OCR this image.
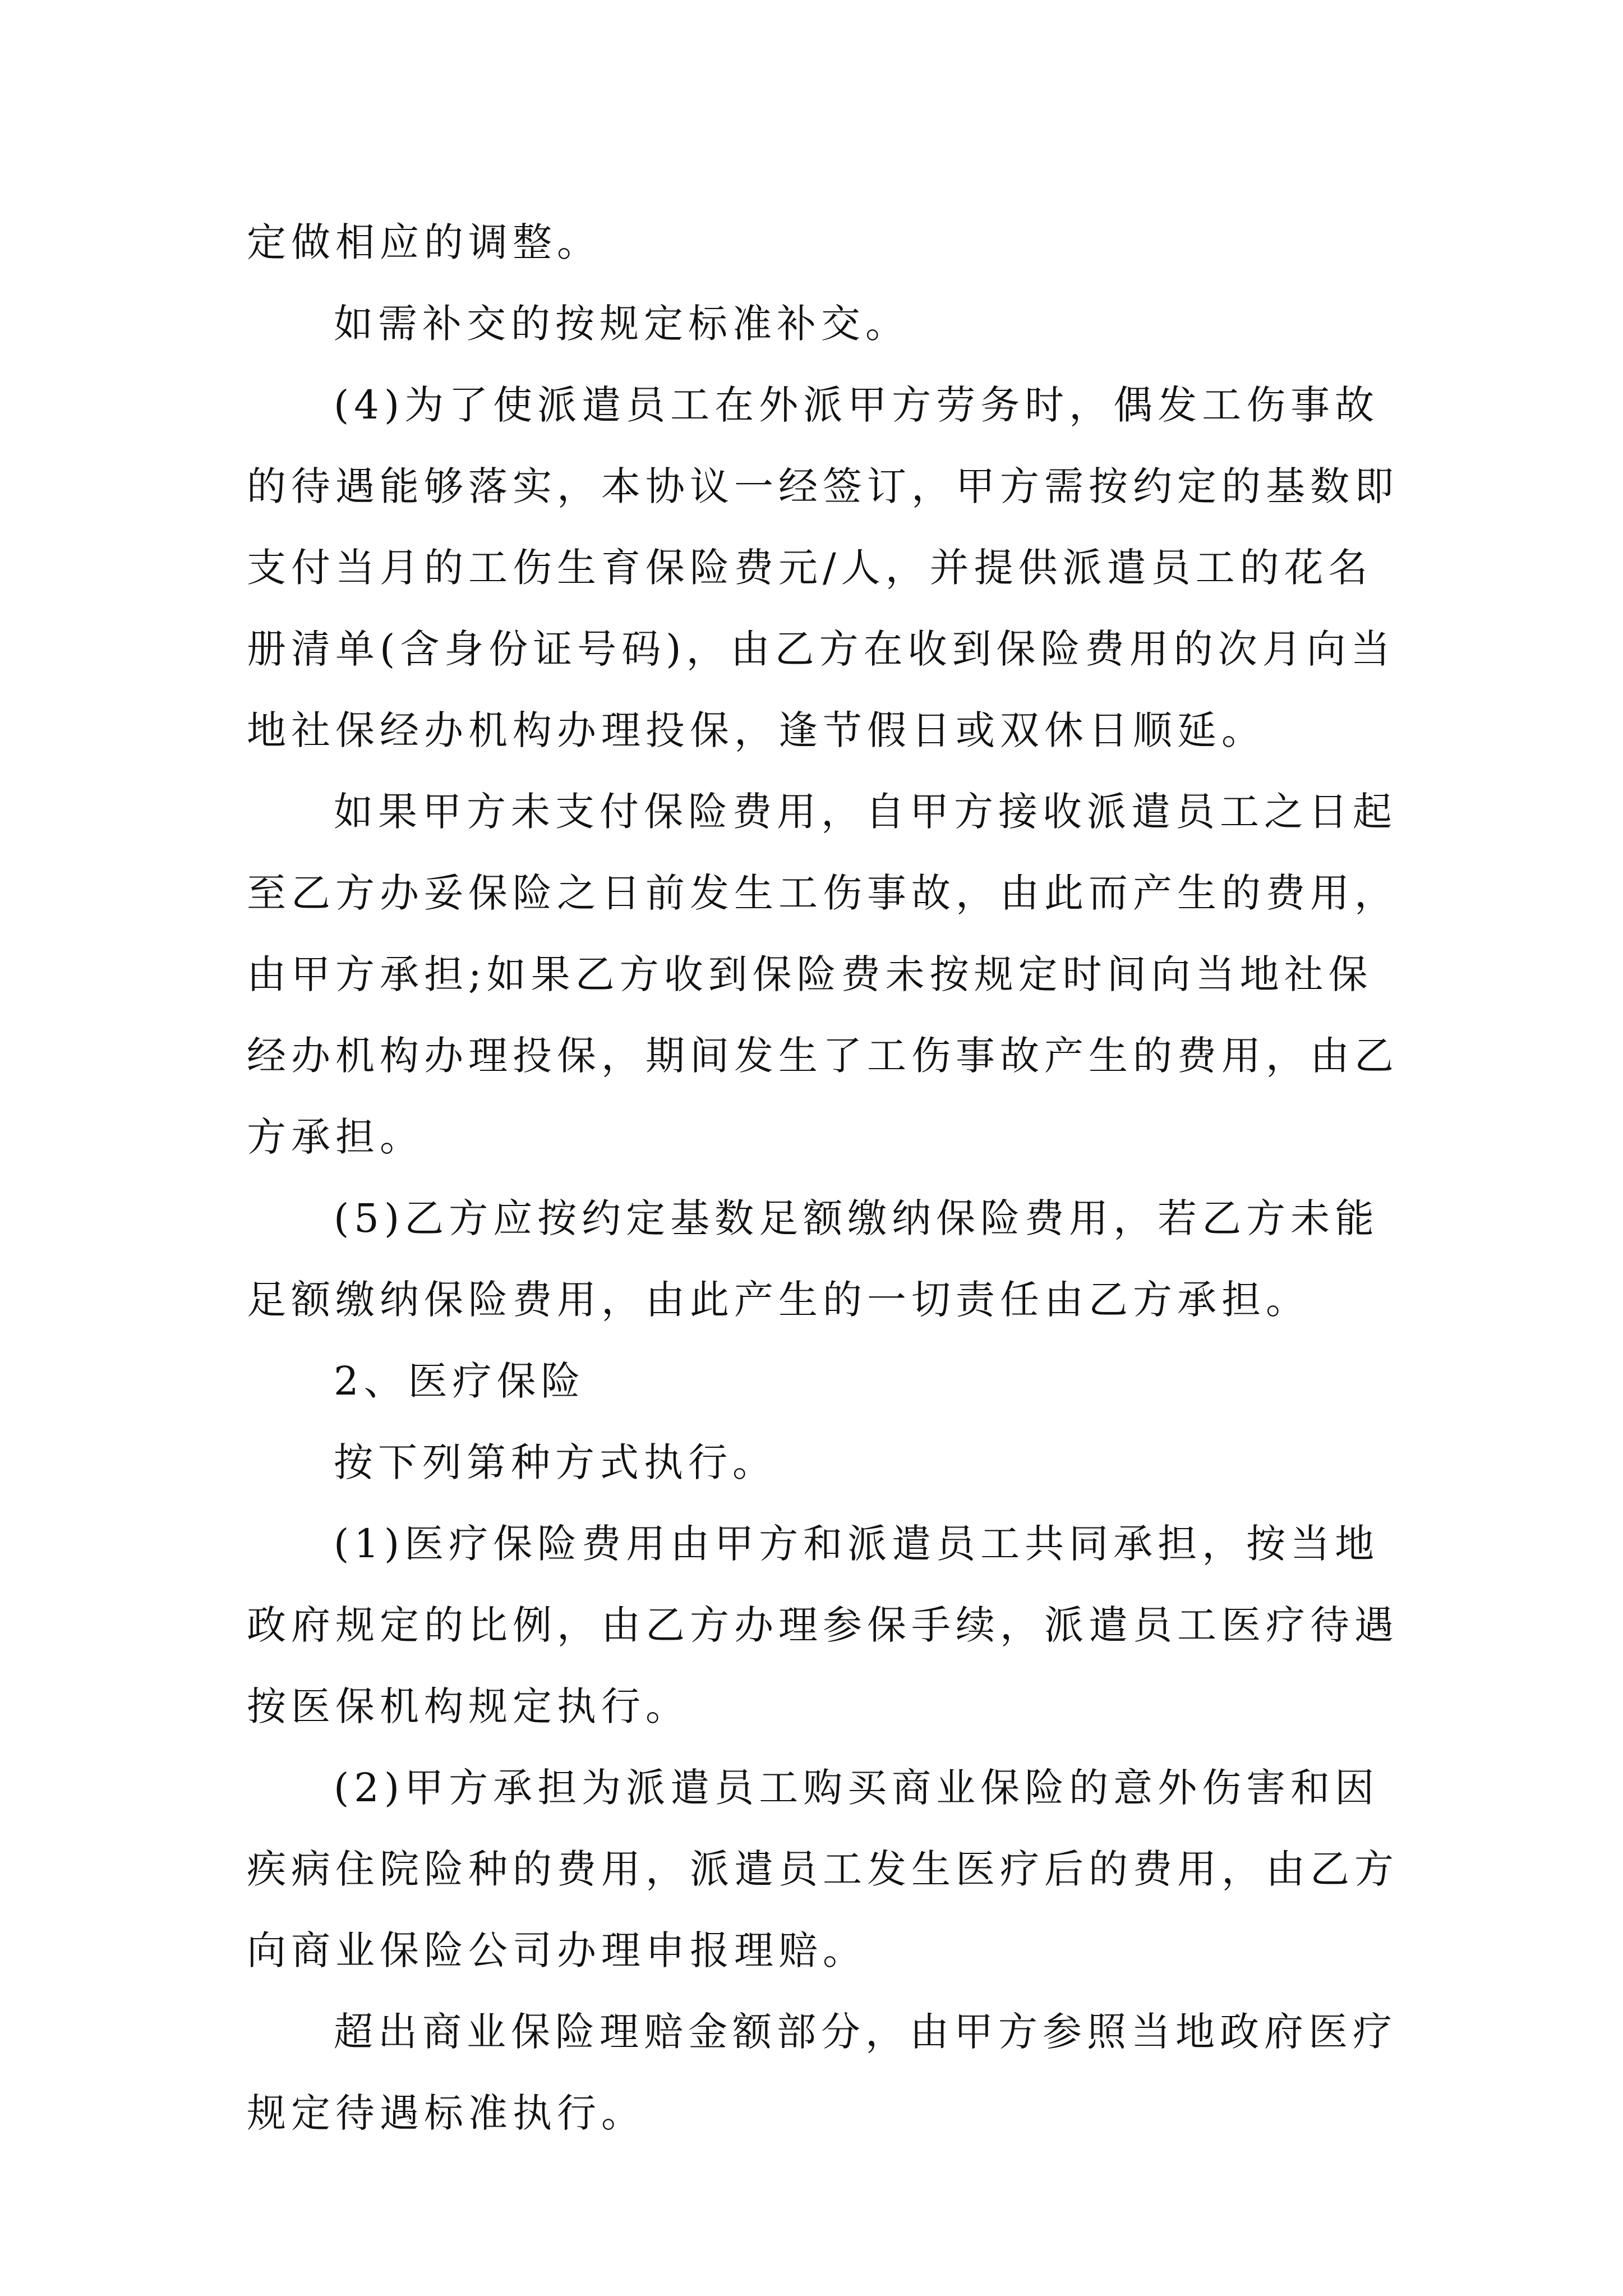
定做相应的调整。
如需补交的按规定标准补交。
(4)为了使派遣员工在外派甲方劳务时，偶发工伤事故
的待遇能够落实，本协议一经签订，甲方需按约定的基数即
支付当月的工伤生育保险费元/人，并提供派遣员工的花名
册清单(含身份证号码)，由乙方在收到保险费用的次月向当
地社保经办机构办理投保，逢节假日或双休日顺延。
如果甲方未支付保险费用，自甲方接收派遣员工之日起
至乙方办妥保险之日前发生工伤事故，由此而产生的费用，
由甲方承担;如果乙方收到保险费未按规定时间向当地社保
经办机构办理投保，期间发生了工伤事故产生的费用，由乙
方承担。
(5)乙方应按约定基数足额缴纳保险费用，若乙方未能
足额缴纳保险费用，由此产生的一切责任由乙方承担。
2、医疗保险
按下列第种方式执行。
(1)医疗保险费用由甲方和派遣员工共同承担，按当地
政府规定的比例，由乙方办理参保手续，派遣员工医疗待遇
按医保机构规定执行。
(2)甲方承担为派遣员工购买商业保险的意外伤害和因
疾病住院险种的费用，派遣员工发生医疗后的费用，由乙方
向商业保险公司办理申报理赔。
超出商业保险理赔金额部分，由甲方参照当地政府医疗
规定待遇标准执行。
